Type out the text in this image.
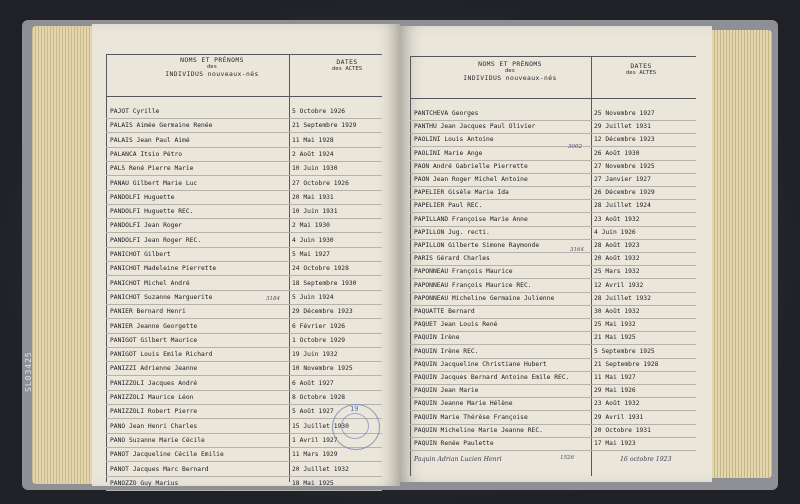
SL03425
NOMS ET PRÉNOMS
des
INDIVIDUS nouveaux-nés
DATES
des ACTES
PAJOT Cyrille	5 Octobre 1926
PALAIS Aimée Germaine Renée	21 Septembre 1929
PALAIS Jean Paul Aimé	11 Mai 1928
PALANCA Itsio Pétro	2 Août 1924
PALS René Pierre Marie	10 Juin 1930
PANAU Gilbert Marie Luc	27 Octobre 1926
PANDOLFI Huguette	20 Mai 1931
PANDOLFI Huguette REC.	10 Juin 1931
PANDOLFI Jean Roger	2 Mai 1930
PANDOLFI Jean Roger REC.	4 Juin 1930
PANICHOT Gilbert	5 Mai 1927
PANICHOT Madeleine Pierrette	24 Octobre 1928
PANICHOT Michel André	18 Septembre 1930
PANICHOT Suzanne Marguerite	5 Juin 1924
PANIER Bernard Henri	29 Décembre 1923
PANIER Jeanne Georgette	6 Février 1926
PANIGOT Gilbert Maurice	1 Octobre 1929
PANIGOT Louis Emile Richard	19 Juin 1932
PANIZZI Adrienne Jeanne	10 Novembre 1925
PANIZZOLI Jacques André	6 Août 1927
PANIZZOLI Maurice Léon	8 Octobre 1928
PANIZZOLI Robert Pierre	5 Août 1927
PANO Jean Henri Charles	15 Juillet 1930
PANO Suzanne Marie Cécile	1 Avril 1927
PANOT Jacqueline Cécile Emilie	11 Mars 1929
PANOT Jacques Marc Bernard	20 Juillet 1932
PANOZZO Guy Marius	18 Mai 1925
3184
NOMS ET PRÉNOMS
des
INDIVIDUS nouveaux-nés
DATES
des ACTES
PANTCHEVA Georges	25 Novembre 1927
PANTHU Jean Jacques Paul Olivier	29 Juillet 1931
PAOLINI Louis Antoine	12 Décembre 1923
PAOLINI Marie Ange	26 Août 1930
PAON André Gabrielle Pierrette	27 Novembre 1925
PAON Jean Roger Michel Antoine	27 Janvier 1927
PAPELIER Gisèle Marie Ida	26 Décembre 1929
PAPELIER Paul REC.	28 Juillet 1924
PAPILLAND Françoise Marie Anne	23 Août 1932
PAPILLON Jug. recti.	4 Juin 1926
PAPILLON Gilberte Simone Raymonde	28 Août 1923
PARIS Gérard Charles	20 Août 1932
PAPONNEAU François Maurice	25 Mars 1932
PAPONNEAU François Maurice REC.	12 Avril 1932
PAPONNEAU Micheline Germaine Julienne	28 Juillet 1932
PAQUATTE Bernard	30 Août 1932
PAQUET Jean Louis René	25 Mai 1932
PAQUIN Irène	21 Mai 1925
PAQUIN Irène REC.	5 Septembre 1925
PAQUIN Jacqueline Christiane Hubert	21 Septembre 1928
PAQUIN Jacques Bernard Antoine Emile REC.	11 Mai 1927
PAQUIN Jean Marie	29 Mai 1926
PAQUIN Jeanne Marie Hélène	23 Août 1932
PAQUIN Marie Thérèse Françoise	29 Avril 1931
PAQUIN Micheline Marie Jeanne REC.	20 Octobre 1931
PAQUIN Renée Paulette	17 Mai 1923
Paquin Adrian Lucien Henri	16 octobre 1923
3002
3164
1526
19
